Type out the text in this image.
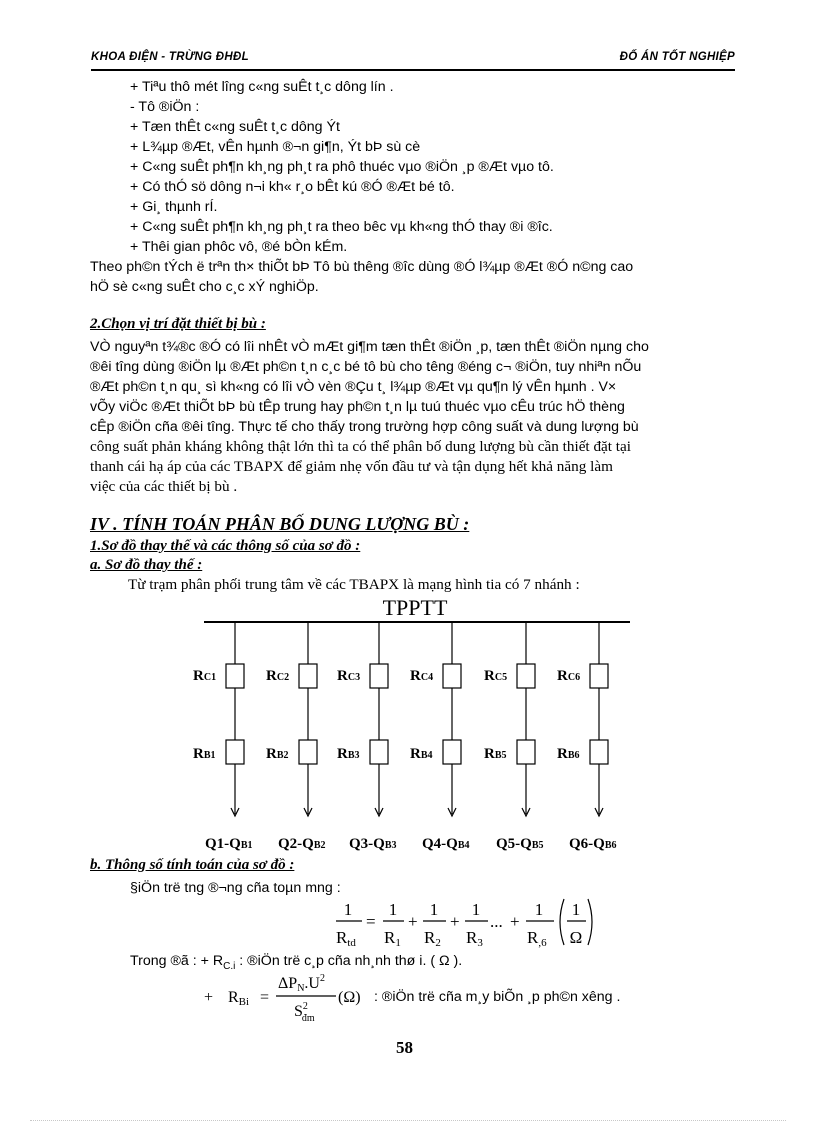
KHOA ĐIỆN - TRỪNG ĐHĐL	ĐỐ ÁN TỐT NGHIỆP
+ Tiªu thô mét lîng c«ng suÊt t¸c dông lín .
- Tô ®iÖn :
+ Tæn thÊt c«ng suÊt t¸c dông Ýt
+ L¾µp ®Æt, vÊn hµnh ®¬n gi¶n, Ýt bÞ sù cè
+ C«ng suÊt ph¶n kh¸ng ph¸t ra phô thuéc vµo ®iÖn ¸p ®Æt vµo tô.
+ Có thÓ sö dông n¬i kh« r¸o bÊt kú ®Ó ®Æt bé tô.
+ Gi¸ thµnh rÍ.
+ C«ng suÊt ph¶n kh¸ng ph¸t ra theo bêc vµ kh«ng thÓ thay ®i ®îc.
+ Thêi gian phôc vô, ®é bÒn kÉm.
Theo ph©n tÝch ë trªn th× thiÕt bÞ Tô bù thêng ®îc dùng ®Ó l¾µp ®Æt ®Ó n©ng cao
hÖ sè c«ng suÊt cho c¸c xÝ nghiÖp.
2.Chọn vị trí đặt thiết bị bù :
VÒ nguyªn t¾®c ®Ó có lîi nhÊt vÒ mÆt gi¶m tæn thÊt ®iÖn ¸p, tæn thÊt ®iÖn nµng cho
®êi tîng dùng ®iÖn lµ ®Æt ph©n t¸n c¸c bé tô bù cho têng ®éng c¬ ®iÖn, tuy nhiªn nÕu
®Æt ph©n t¸n qu¸ sì kh«ng có lîi vÒ vèn ®Çu t¸ l¾µp ®Æt vµ qu¶n lý vÊn hµnh . V×
vÕy viÖc ®Æt thiÕt bÞ bù tÊp trung hay ph©n t¸n lµ tuú thuéc vµo cÊu trúc hÖ thèng
cÊp ®iÖn cña ®êi tîng. Thực tế cho thấy trong trường hợp công suất và dung lượng bù
công suất phản kháng không thật lớn thì ta có thể phân bố dung lượng bù cần thiết đặt tại
thanh cái hạ áp của các TBAPX để giảm nhẹ vốn đầu tư và tận dụng hết khả năng làm
việc của các thiết bị bù .
IV . TÍNH TOÁN PHÂN BỐ DUNG LƯỢNG BÙ :
1.Sơ đồ thay thế và các thông số của sơ đồ :
a. Sơ đồ thay thế :
Từ trạm phân phối trung tâm về các TBAPX là mạng hình tia có 7 nhánh :
TPPTT
RC1
RB1
Q1-QB1
RC2
RB2
Q2-QB2
RC3
RB3
Q3-QB3
RC4
RB4
Q4-QB4
RC5
RB5
Q5-QB5
RC6
RB6
Q6-QB6
b. Thông số tính toán của sơ đồ :
§iÖn trë tng ®¬ng cña toµn mng :
1
Rtd
=
1
R1
+
1
R2
+
1
R3
... +
1
R,6
1
Ω
Trong ®ã : + $R_{C.i}$ : ®iÖn trë c¸p cña nh¸nh thø i. ( Ω ).
+ RBi =
$\Delta PN.U^2$
$S^2$ đm
(Ω) : ®iÖn trë cña m¸y biÕn ¸p ph©n xêng .
58
